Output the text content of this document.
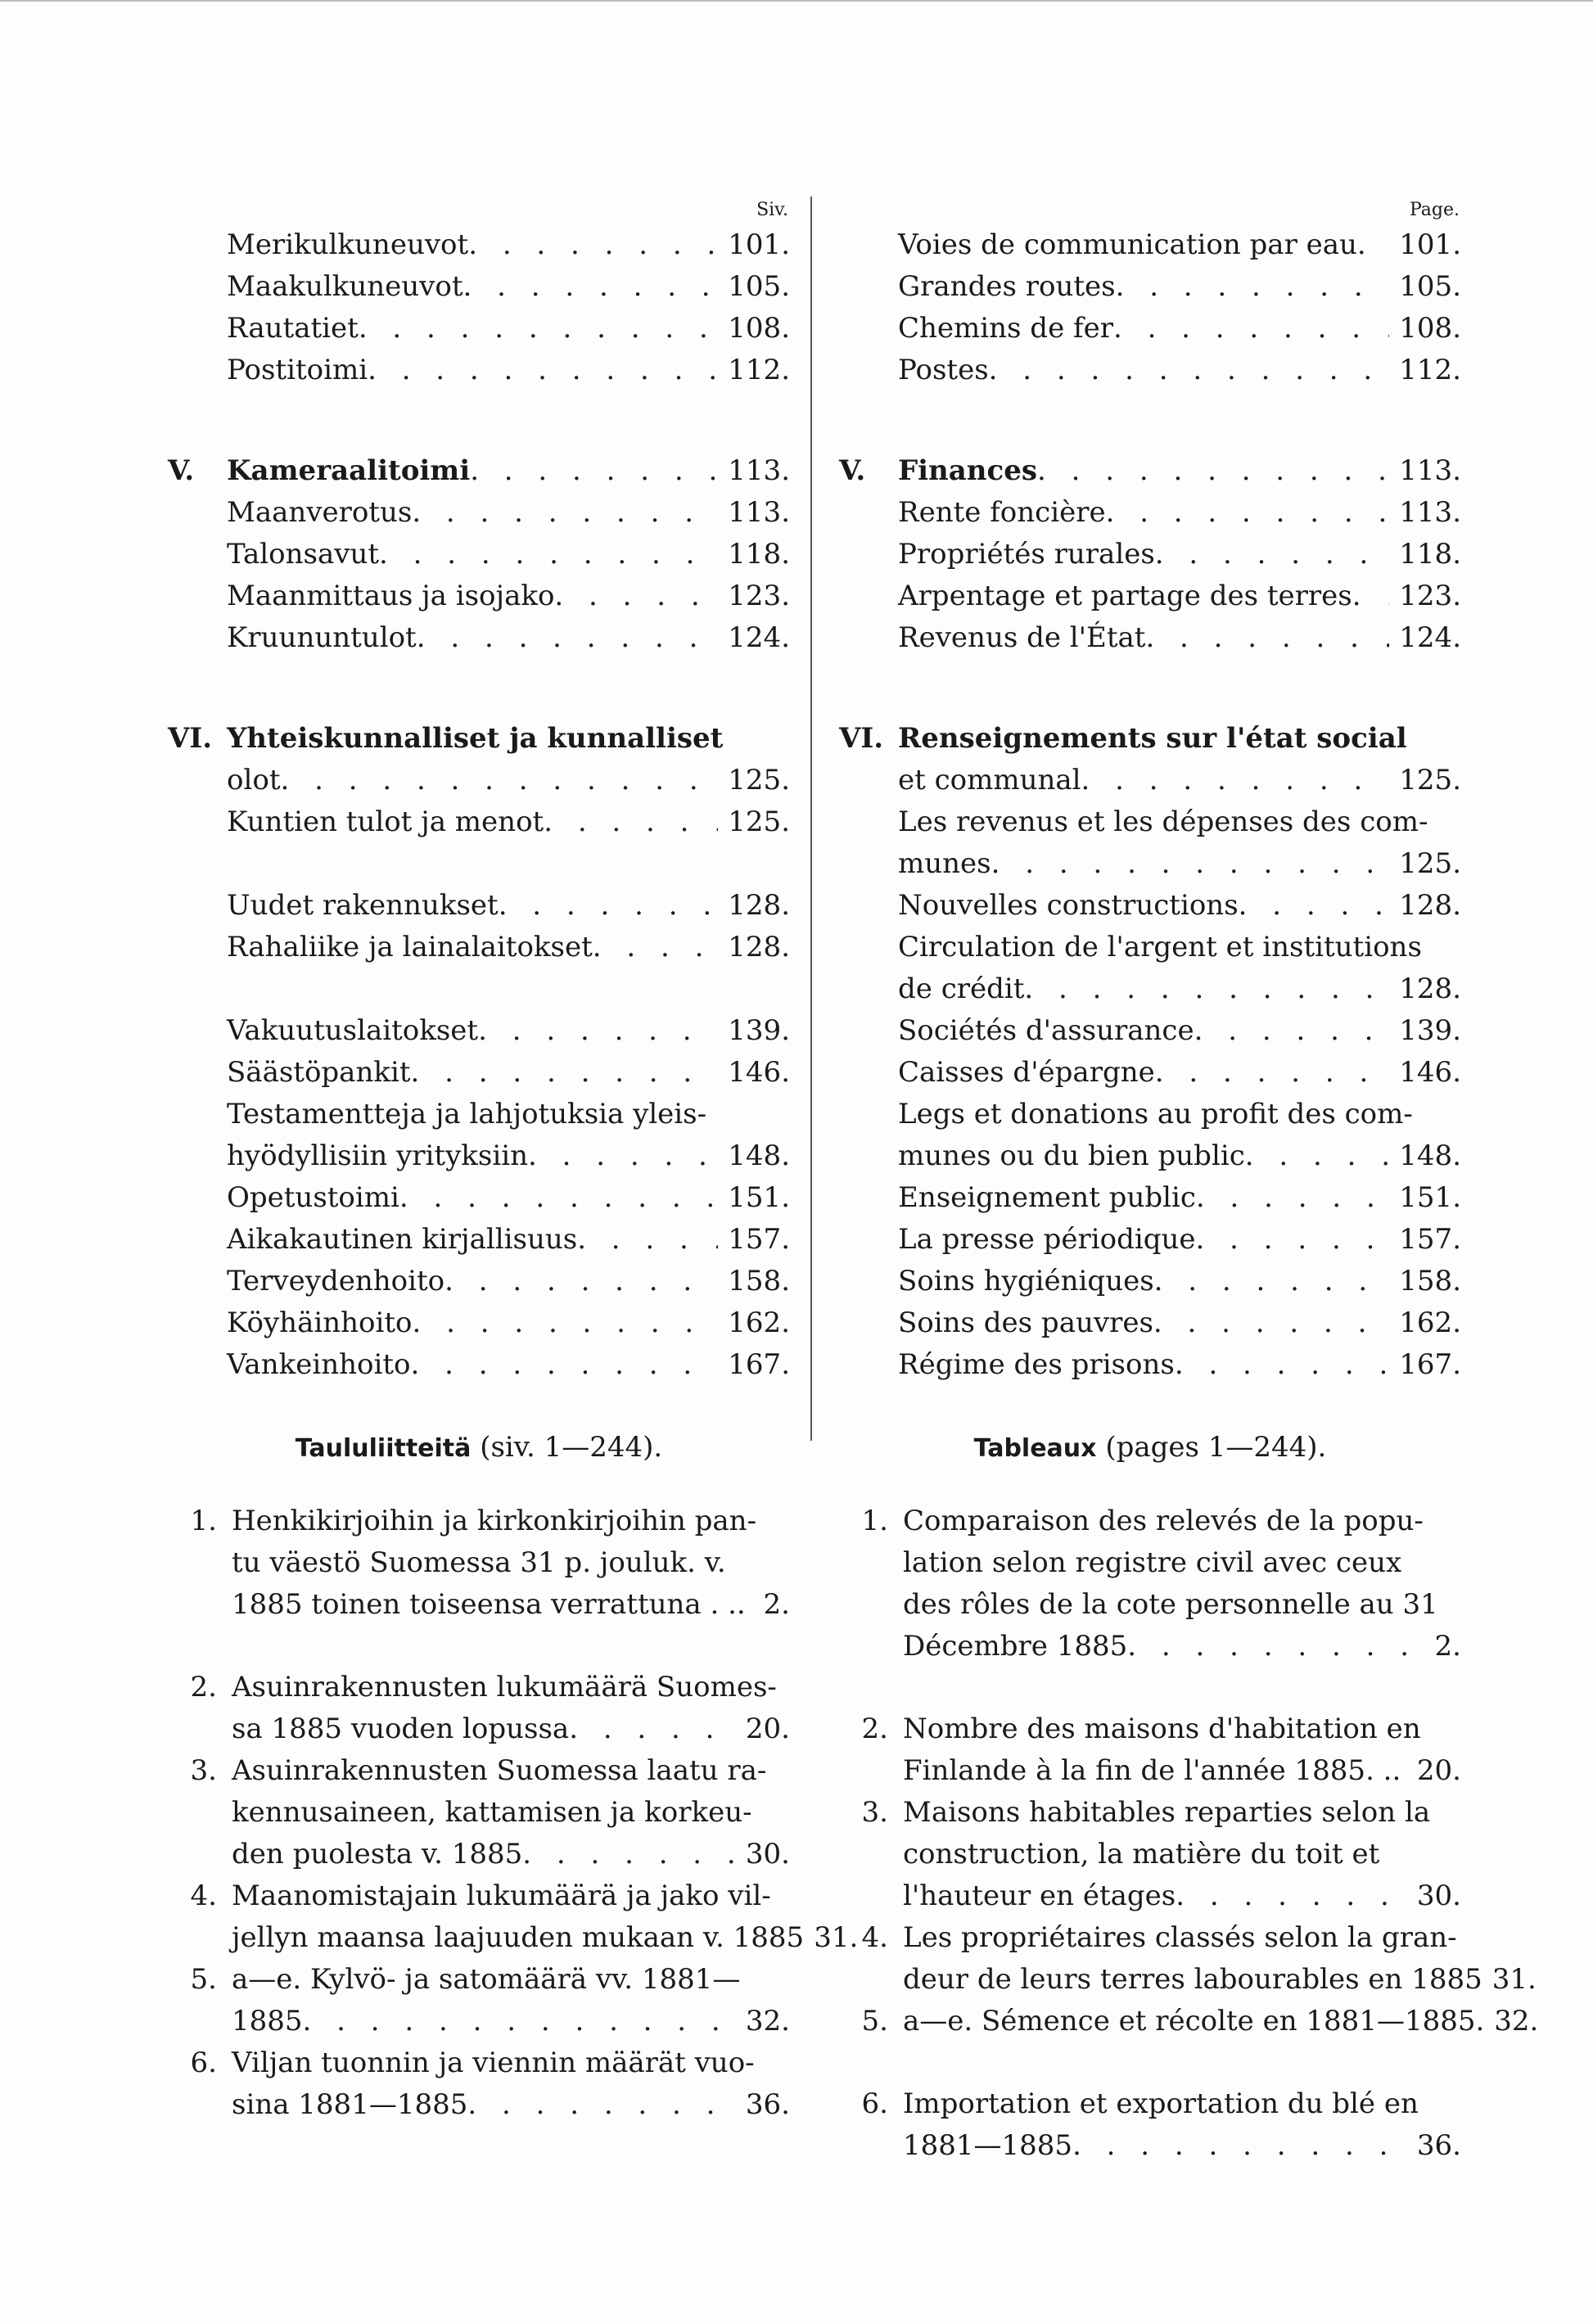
Siv.
Merikulkuneuvot . . .	101.
Maakulkuneuvot . . .	105.
Rautatiet . . .	108.
Postitoimi . . .	112.
V.	Kameraalitoimi . . .	113.
Maanverotus . . .	113.
Talonsavut . . .	118.
Maanmittaus ja isojako . . .	123.
Kruununtulot . . .	124.
VI. Yhteiskunnalliset ja kunnalliset
olot . . .	125.
Kuntien tulot ja menot . . .	125.
Uudet rakennukset . . .	128.
Rahaliike ja lainalaitokset . . .	128.
Vakuutuslaitokset . . .	139.
Säästöpankit . . .	146.
Testamentteja ja lahjotuksia yleis-
hyödyllisiin yrityksiin . . .	148.
Opetustoimi . . .	151.
Aikakautinen kirjallisuus . . .	157.
Terveydenhoito . . .	158.
Köyhäinhoito . . .	162.
Vankeinhoito . . .	167.
Taululiitteitä (siv. 1—244).
1. Henkikirjoihin ja kirkonkirjoihin pan-
tu väestö Suomessa 31 p. jouluk. v.
1885 toinen toiseensa verrattuna . . . . . 2.
2. Asuinrakennusten lukumäärä Suomes-
sa 1885 vuoden lopussa . . .	20.
3. Asuinrakennusten Suomessa laatu ra-
kennusaineen, kattamisen ja korkeu-
den puolesta v. 1885 . . .	30.
4. Maanomistajain lukumäärä ja jako vil-
jellyn maansa laajuuden mukaan v. 1885 31.
5. a—e. Kylvö- ja satomäärä vv. 1881—
1885 . . .	32.
6. Viljan tuonnin ja viennin määrät vuo-
sina 1881—1885 . . .	36.
Page.
Voies de communication par eau . . .	101.
Grandes routes . . .	105.
Chemins de fer . . .	108.
Postes . . .	112.
V.	Finances . . .	113.
Rente foncière . . .	113.
Propriétés rurales . . .	118.
Arpentage et partage des terres . . .	123.
Revenus de l'État . . .	124.
VI. Renseignements sur l'état social
et communal . . .	125.
Les revenus et les dépenses des com-
munes . . .	125.
Nouvelles constructions . . .	128.
Circulation de l'argent et institutions
de crédit . . .	128.
Sociétés d'assurance . . .	139.
Caisses d'épargne . . .	146.
Legs et donations au profit des com-
munes ou du bien public . . .	148.
Enseignement public . . .	151.
La presse périodique . . .	157.
Soins hygiéniques . . .	158.
Soins des pauvres . . .	162.
Régime des prisons . . .	167.
Tableaux (pages 1—244).
1. Comparaison des relevés de la popu-
lation selon registre civil avec ceux
des rôles de la cote personnelle au 31
Décembre 1885 . . .	2.
2. Nombre des maisons d'habitation en
Finlande à la fin de l'année 1885. . . . . 20.
3. Maisons habitables reparties selon la
construction, la matière du toit et
l'hauteur en étages . . .	30.
4. Les propriétaires classés selon la gran-
deur de leurs terres labourables en 1885 31.
5. a—e. Sémence et récolte en 1881—1885. 32.
6. Importation et exportation du blé en
1881—1885 . . .	36.
